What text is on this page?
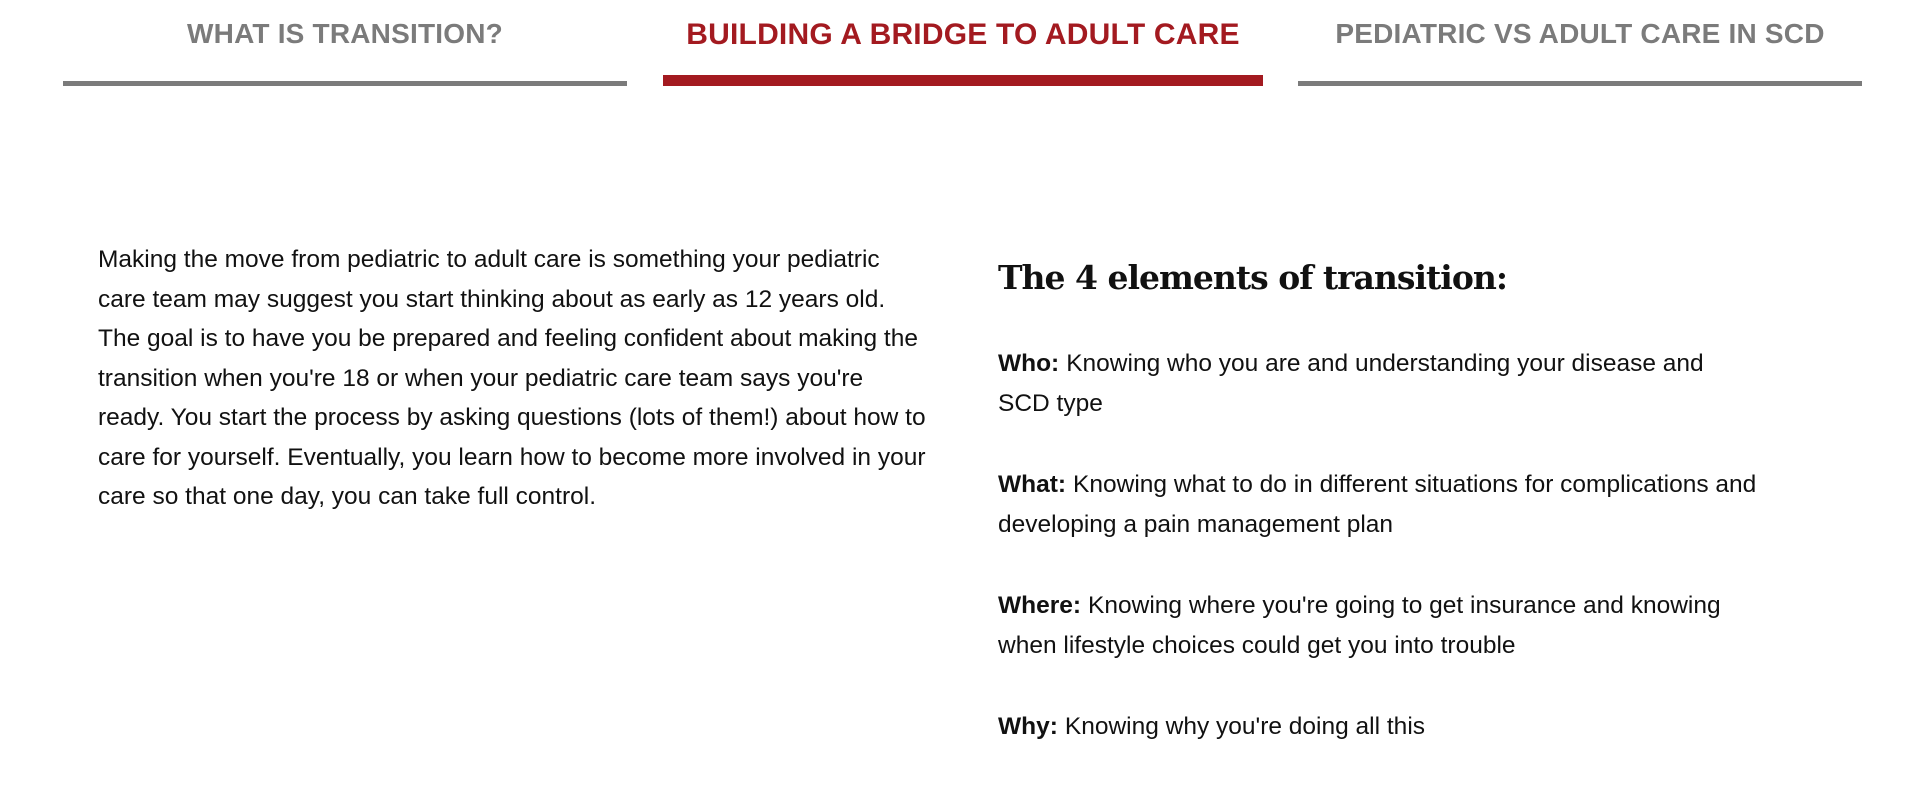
WHAT IS TRANSITION?	BUILDING A BRIDGE TO ADULT CARE	PEDIATRIC VS ADULT CARE IN SCD

Making the move from pediatric to adult care is something your pediatric care team may suggest you start thinking about as early as 12 years old. The goal is to have you be prepared and feeling confident about making the transition when you're 18 or when your pediatric care team says you're ready. You start the process by asking questions (lots of them!) about how to care for yourself. Eventually, you learn how to become more involved in your care so that one day, you can take full control.

The 4 elements of transition:

Who: Knowing who you are and understanding your disease and SCD type

What: Knowing what to do in different situations for complications and developing a pain management plan

Where: Knowing where you're going to get insurance and knowing when lifestyle choices could get you into trouble

Why: Knowing why you're doing all this
